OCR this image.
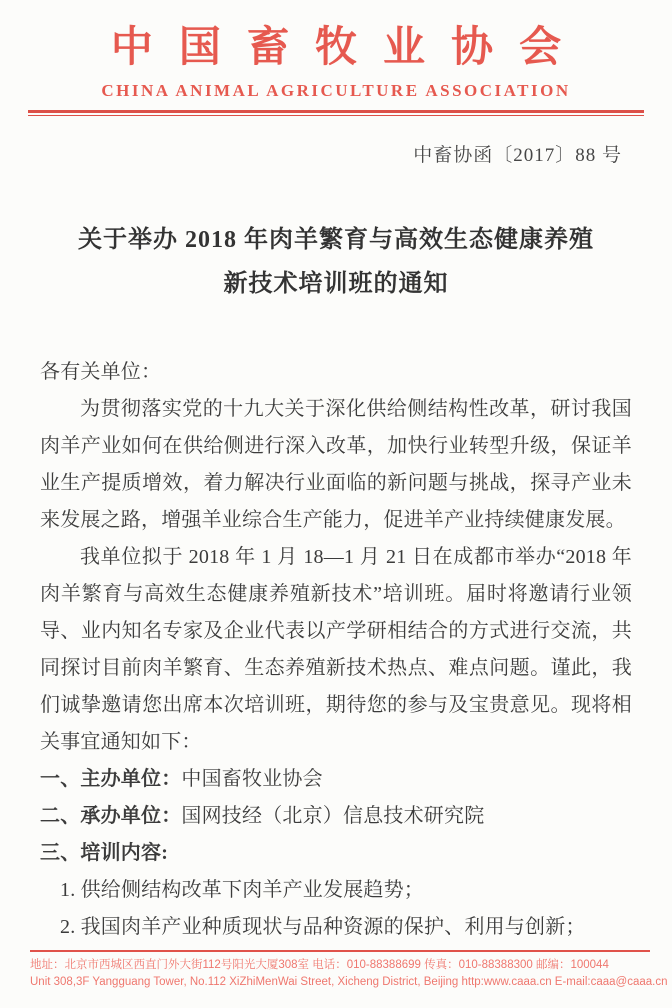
中国畜牧业协会
CHINA ANIMAL AGRICULTURE ASSOCIATION
中畜协函〔2017〕88 号
关于举办 2018 年肉羊繁育与高效生态健康养殖
新技术培训班的通知
各有关单位：
为贯彻落实党的十九大关于深化供给侧结构性改革，研讨我国
肉羊产业如何在供给侧进行深入改革，加快行业转型升级，保证羊
业生产提质增效，着力解决行业面临的新问题与挑战，探寻产业未
来发展之路，增强羊业综合生产能力，促进羊产业持续健康发展。
我单位拟于 2018 年 1 月 18—1 月 21 日在成都市举办“2018 年
肉羊繁育与高效生态健康养殖新技术”培训班。届时将邀请行业领
导、业内知名专家及企业代表以产学研相结合的方式进行交流，共
同探讨目前肉羊繁育、生态养殖新技术热点、难点问题。谨此，我
们诚挚邀请您出席本次培训班，期待您的参与及宝贵意见。现将相
关事宜通知如下：
一、主办单位：中国畜牧业协会
二、承办单位：国网技经（北京）信息技术研究院
三、培训内容:
1. 供给侧结构改革下肉羊产业发展趋势；
2. 我国肉羊产业种质现状与品种资源的保护、利用与创新；
地址：北京市西城区西直门外大街112号阳光大厦308室 电话：010-88388699 传真：010-88388300 邮编：100044
Unit 308,3F Yangguang Tower, No.112 XiZhiMenWai Street, Xicheng District, Beijing http:www.caaa.cn E-mail:caaa@caaa.cn
